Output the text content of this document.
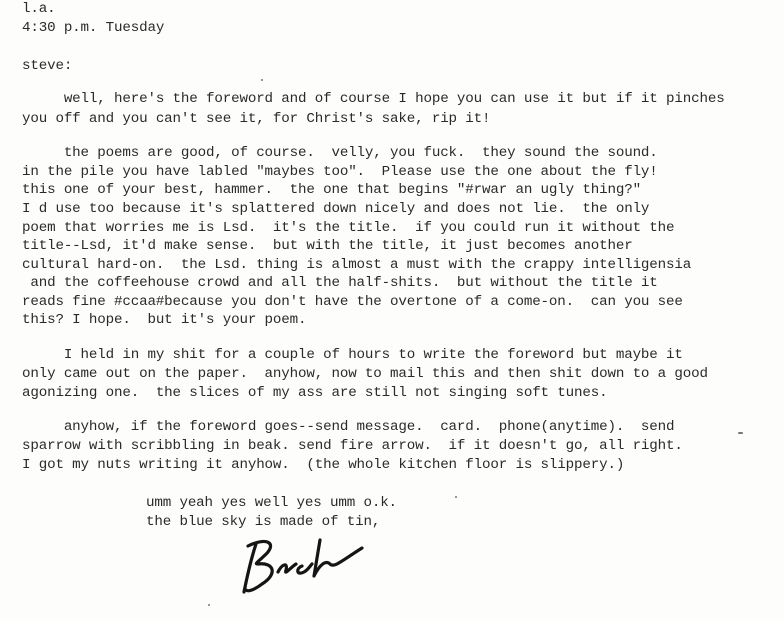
l.a.
4:30 p.m. Tuesday
steve:
well, here's the foreword and of course I hope you can use it but if it pinches
you off and you can't see it, for Christ's sake, rip it!
the poems are good, of course.  velly, you fuck.  they sound the sound.
in the pile you have labled "maybes too".  Please use the one about the fly!
this one of your best, hammer.  the one that begins "#rwar an ugly thing?"
I d use too because it's splattered down nicely and does not lie.  the only
poem that worries me is Lsd.  it's the title.  if you could run it without the
title--Lsd, it'd make sense.  but with the title, it just becomes another
cultural hard-on.  the Lsd. thing is almost a must with the crappy intelligensia
and the coffeehouse crowd and all the half-shits.  but without the title it
reads fine #ccaa#because you don't have the overtone of a come-on.  can you see
this? I hope.  but it's your poem.
I held in my shit for a couple of hours to write the foreword but maybe it
only came out on the paper.  anyhow, now to mail this and then shit down to a good
agonizing one.  the slices of my ass are still not singing soft tunes.
anyhow, if the foreword goes--send message.  card.  phone(anytime).  send
sparrow with scribbling in beak. send fire arrow.  if it doesn't go, all right.
I got my nuts writing it anyhow.  (the whole kitchen floor is slippery.)
umm yeah yes well yes umm o.k.
the blue sky is made of tin,
